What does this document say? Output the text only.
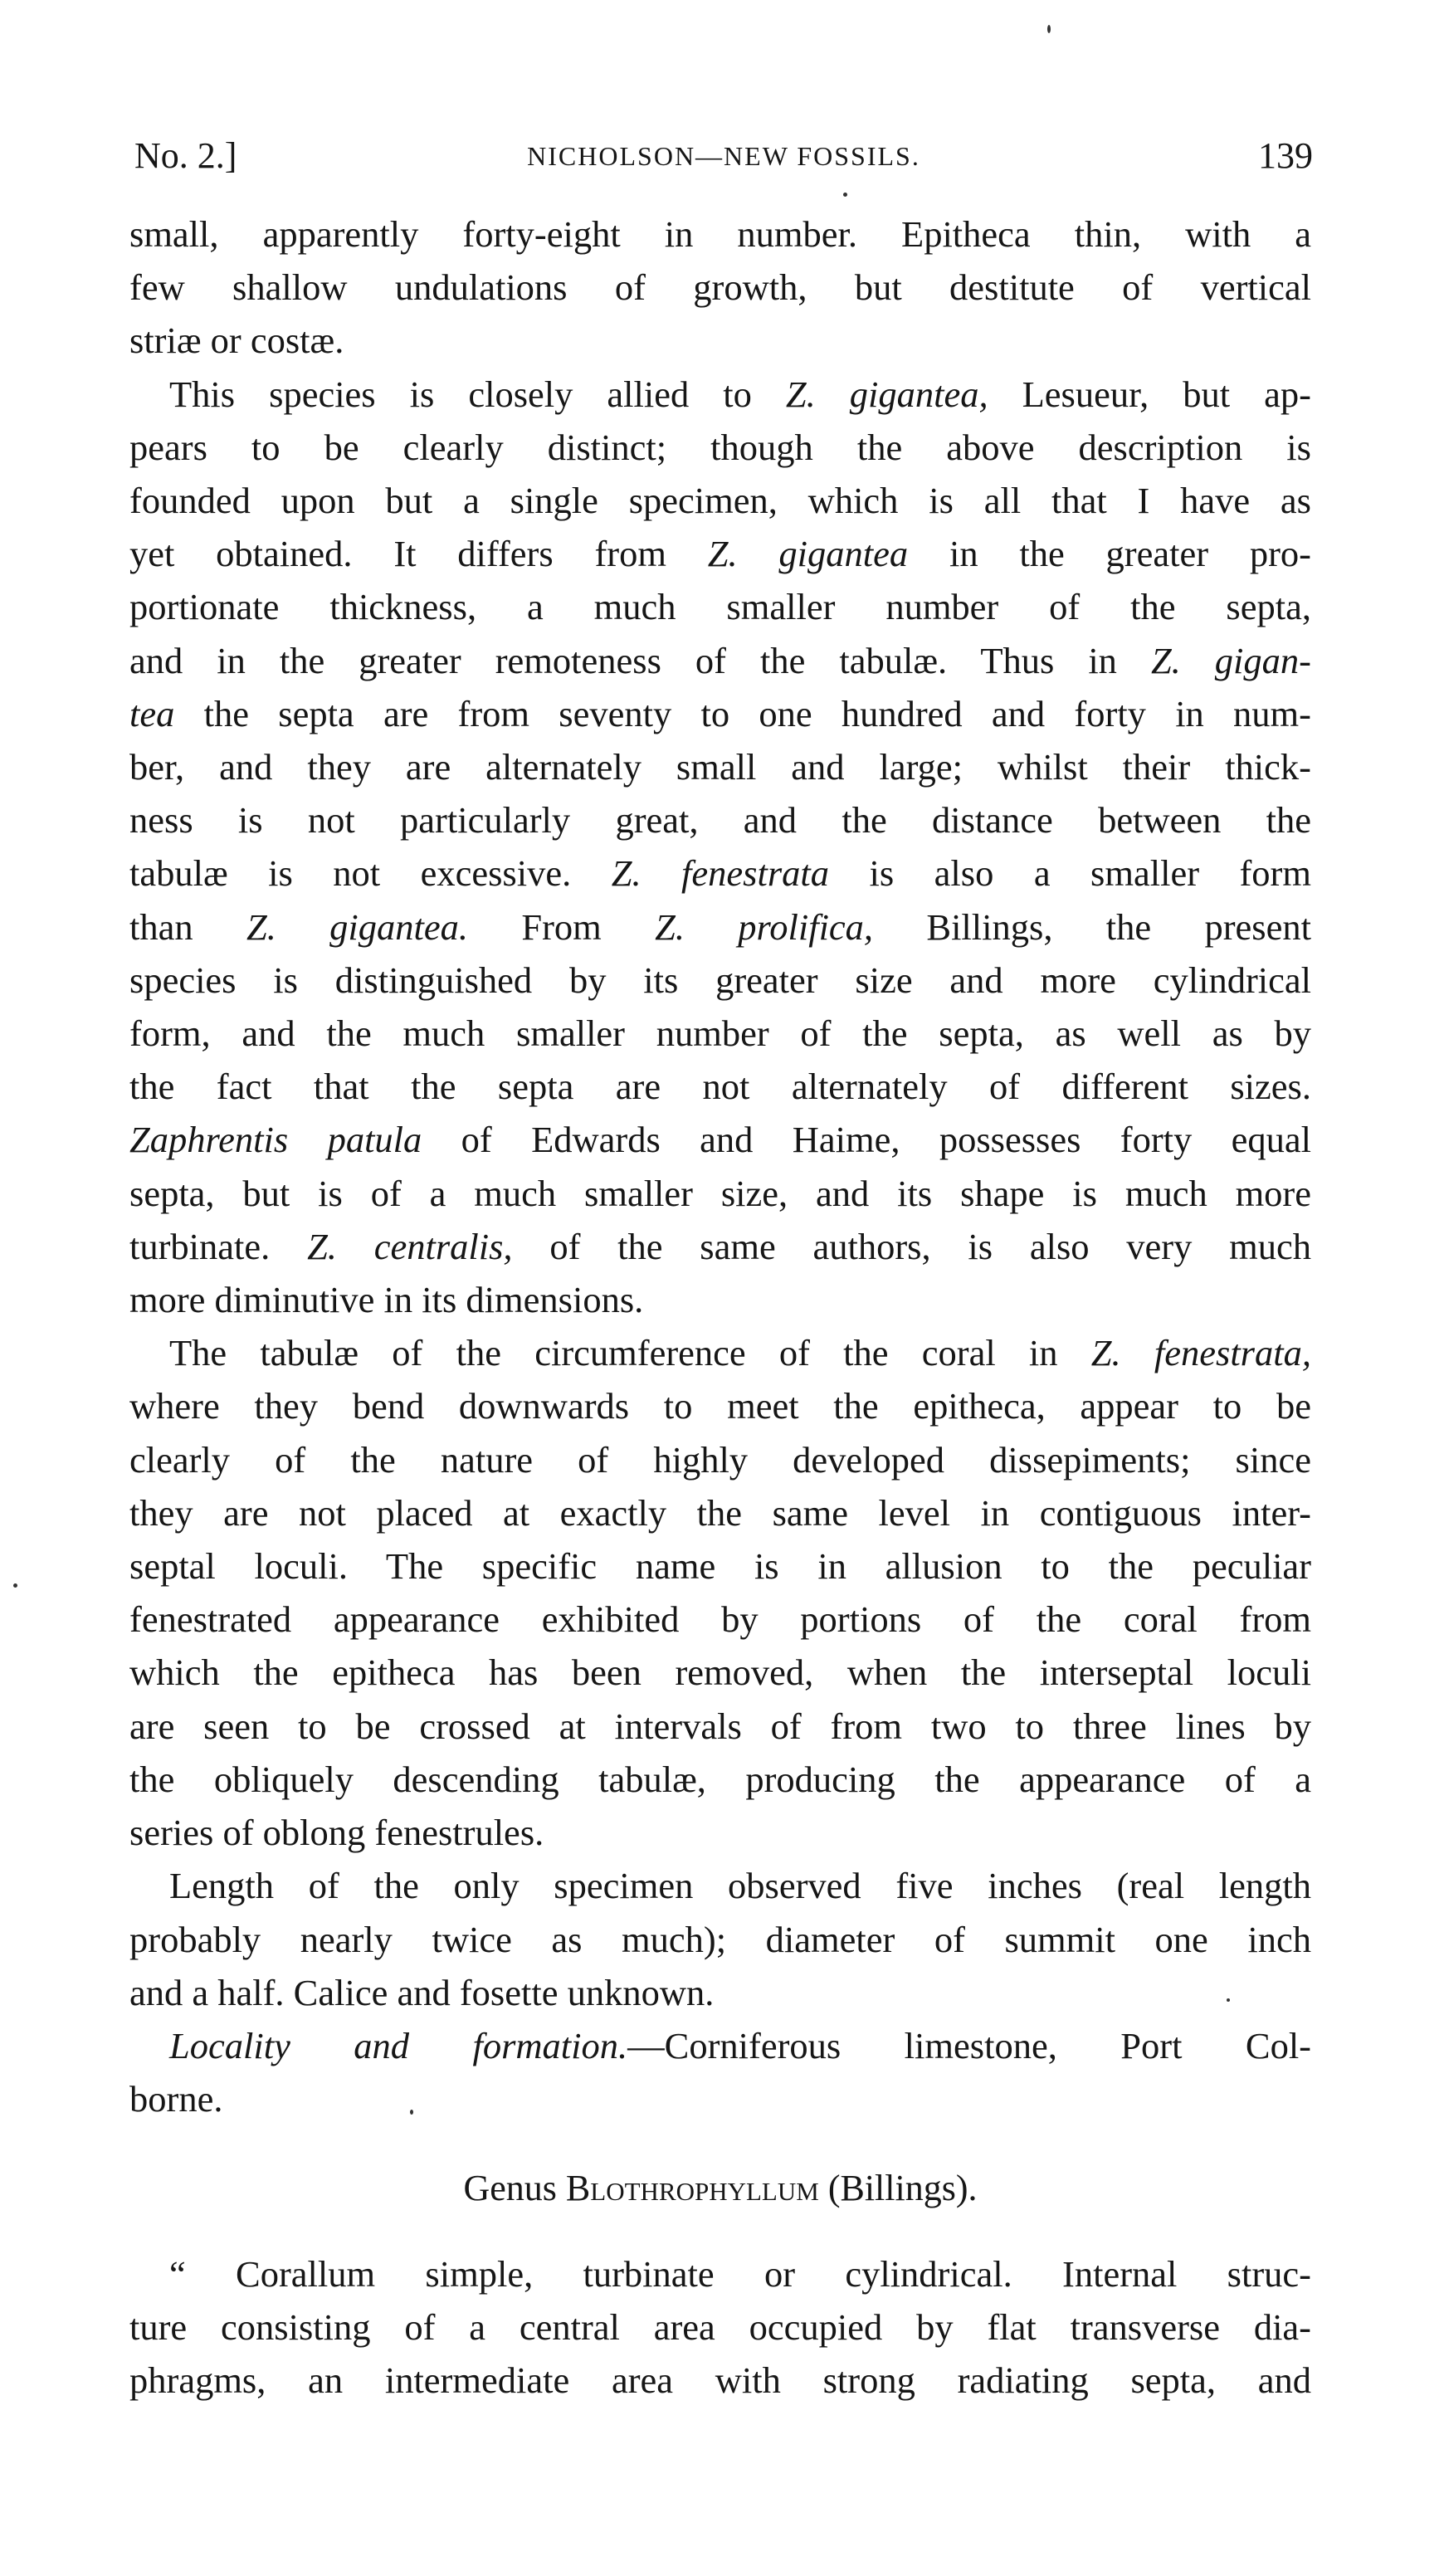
No. 2.]	NICHOLSON—NEW FOSSILS.	139

small, apparently forty-eight in number. Epitheca thin, with a
few shallow undulations of growth, but destitute of vertical
striæ or costæ.

This species is closely allied to Z. gigantea, Lesueur, but ap-
pears to be clearly distinct; though the above description is
founded upon but a single specimen, which is all that I have as
yet obtained. It differs from Z. gigantea in the greater pro-
portionate thickness, a much smaller number of the septa,
and in the greater remoteness of the tabulæ. Thus in Z. gigan-
tea the septa are from seventy to one hundred and forty in num-
ber, and they are alternately small and large; whilst their thick-
ness is not particularly great, and the distance between the
tabulæ is not excessive. Z. fenestrata is also a smaller form
than Z. gigantea. From Z. prolifica, Billings, the present
species is distinguished by its greater size and more cylindrical
form, and the much smaller number of the septa, as well as by
the fact that the septa are not alternately of different sizes.
Zaphrentis patula of Edwards and Haime, possesses forty equal
septa, but is of a much smaller size, and its shape is much more
turbinate. Z. centralis, of the same authors, is also very much
more diminutive in its dimensions.

The tabulæ of the circumference of the coral in Z. fenestrata,
where they bend downwards to meet the epitheca, appear to be
clearly of the nature of highly developed dissepiments; since
they are not placed at exactly the same level in contiguous inter-
septal loculi. The specific name is in allusion to the peculiar
fenestrated appearance exhibited by portions of the coral from
which the epitheca has been removed, when the interseptal loculi
are seen to be crossed at intervals of from two to three lines by
the obliquely descending tabulæ, producing the appearance of a
series of oblong fenestrules.

Length of the only specimen observed five inches (real length
probably nearly twice as much); diameter of summit one inch
and a half. Calice and fosette unknown.

Locality and formation.—Corniferous limestone, Port Col-
borne.

Genus Blothrophyllum (Billings).

“ Corallum simple, turbinate or cylindrical. Internal struc-
ture consisting of a central area occupied by flat transverse dia-
phragms, an intermediate area with strong radiating septa, and
